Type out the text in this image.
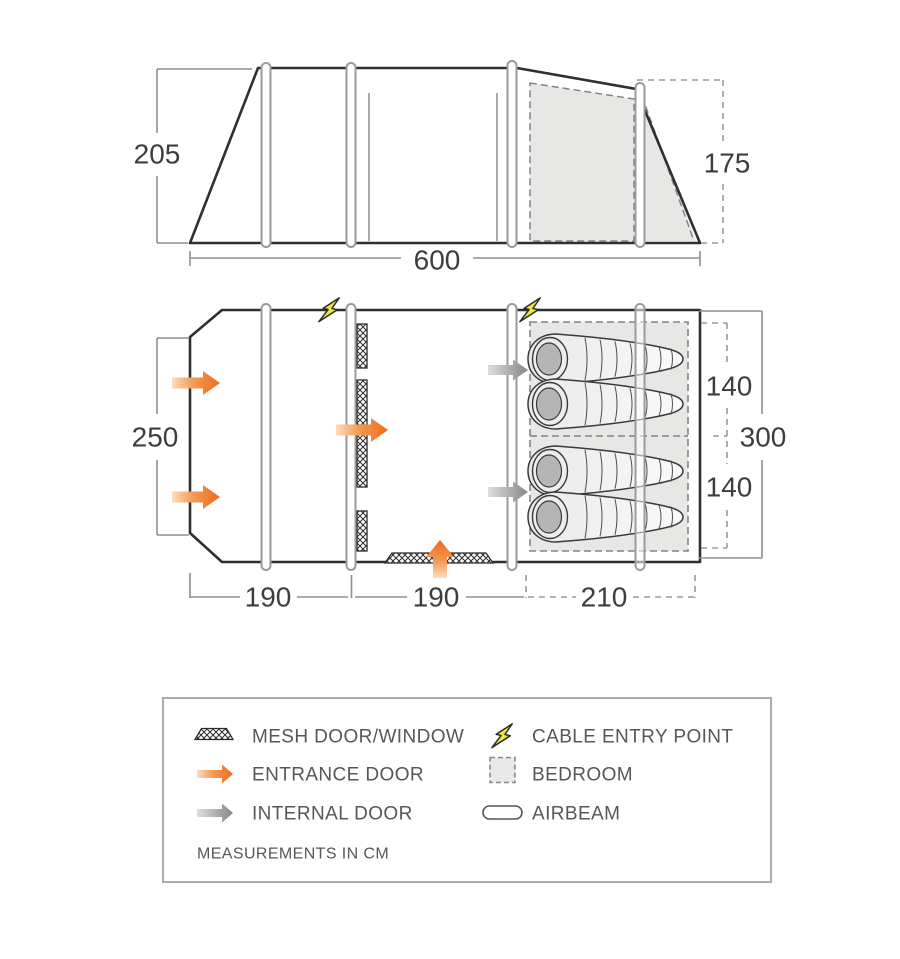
205	175
600
250	300
140
140
190	190	210
MESH DOOR/WINDOW	CABLE ENTRY POINT
ENTRANCE DOOR	BEDROOM
INTERNAL DOOR	AIRBEAM
MEASUREMENTS IN CM
